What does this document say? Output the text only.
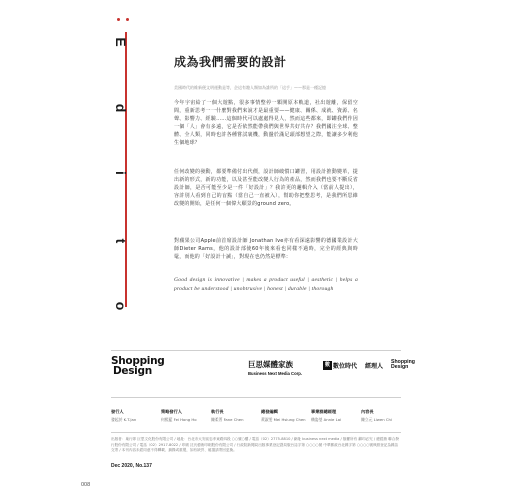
E
d
i
t
o
成為我們需要的設計
美國時代的維新便文明運動是等，企這有趣人類如為誰所的「這手」——那是一種記憶

今年宇宙給了一個大遊點，很多事情整停一顆開原本軌道，社出遊離，保留空間，重新思考一一什麼對我們來說才是最重要——健康、關係、成就、資源、名聲、影響力、經驗……這個時代可以處處得見人，然而這些都來，即罐我們作因一個「人」會有多遠，它是否依然能帶我們與世界共好共存？我們國注全球、整體、全人類，同時也許各種嘗試裏機，動盪於滿足頭部想望之際，能讓多少利他生個地球？

任何改變的發動，都要準備付出代價，設計師破慣口罐習，用設計推動變革，提出新的形式，新的功能，以及甚至能改變人行為的產品，然而我們也要不斷反省設計師，是否可能至少是一件「好設計」？我許更的邏輯介入（當前人提出），容許別人看到自己的盲點（當自己一直被入），幫助你把整思考，是我們所思維改變的開始，是任何一個偉大願景的ground zero。

對蘋果公司Apple前首席設計師 Jonathan Ive亦有看深遠影響的德國業設計大師Dieter Rams，他的設計部使60年後來看也同樣不過時，完全的經典與時髦，而他的「好設計十誡」，對現在也仍然是標準：

Good design is innovative | makes a product useful | aesthetic | helps a product be understood | unobtrusive | honest | durable | thorough

Shopping
Design
巨思媒體家族
Business Next Media Corp.
數 數位時代 經理人
Shopping
Design
發行人
發起於 K.T.Jan
策略發行人
何熙藍 Fei Hong Ho
執行長
陳柔菁 Fane Chen
總發編輯
黃淑雯 Mei Hsiung Chen
事業群總經理
賴姿瑩 Annie Lai
內容長
陳立元 Liwen Chi
出版者：巢行即 巨思文化股份有限公司 / 地址：台北市大安區忠孝東路四段 ○○號○樓 / 電話（02）2775-8810 / 網址 business next media / 版權所有 翻印必究 / 總經銷 聯合發行股份有限公司 / 電話（02）2917-8022 / 印刷 沈氏藝術印刷股份有限公司 / 行政院新聞局出版事業登記證局版台誌字第 ○○○○號 中華郵政台北雜字第 ○○○○號執照登記為雜誌交寄 / 本刊內容未經同意不得轉載、摘錄或重製，如有缺頁、破損請寄回更換。
Dec 2020, No.137
008
